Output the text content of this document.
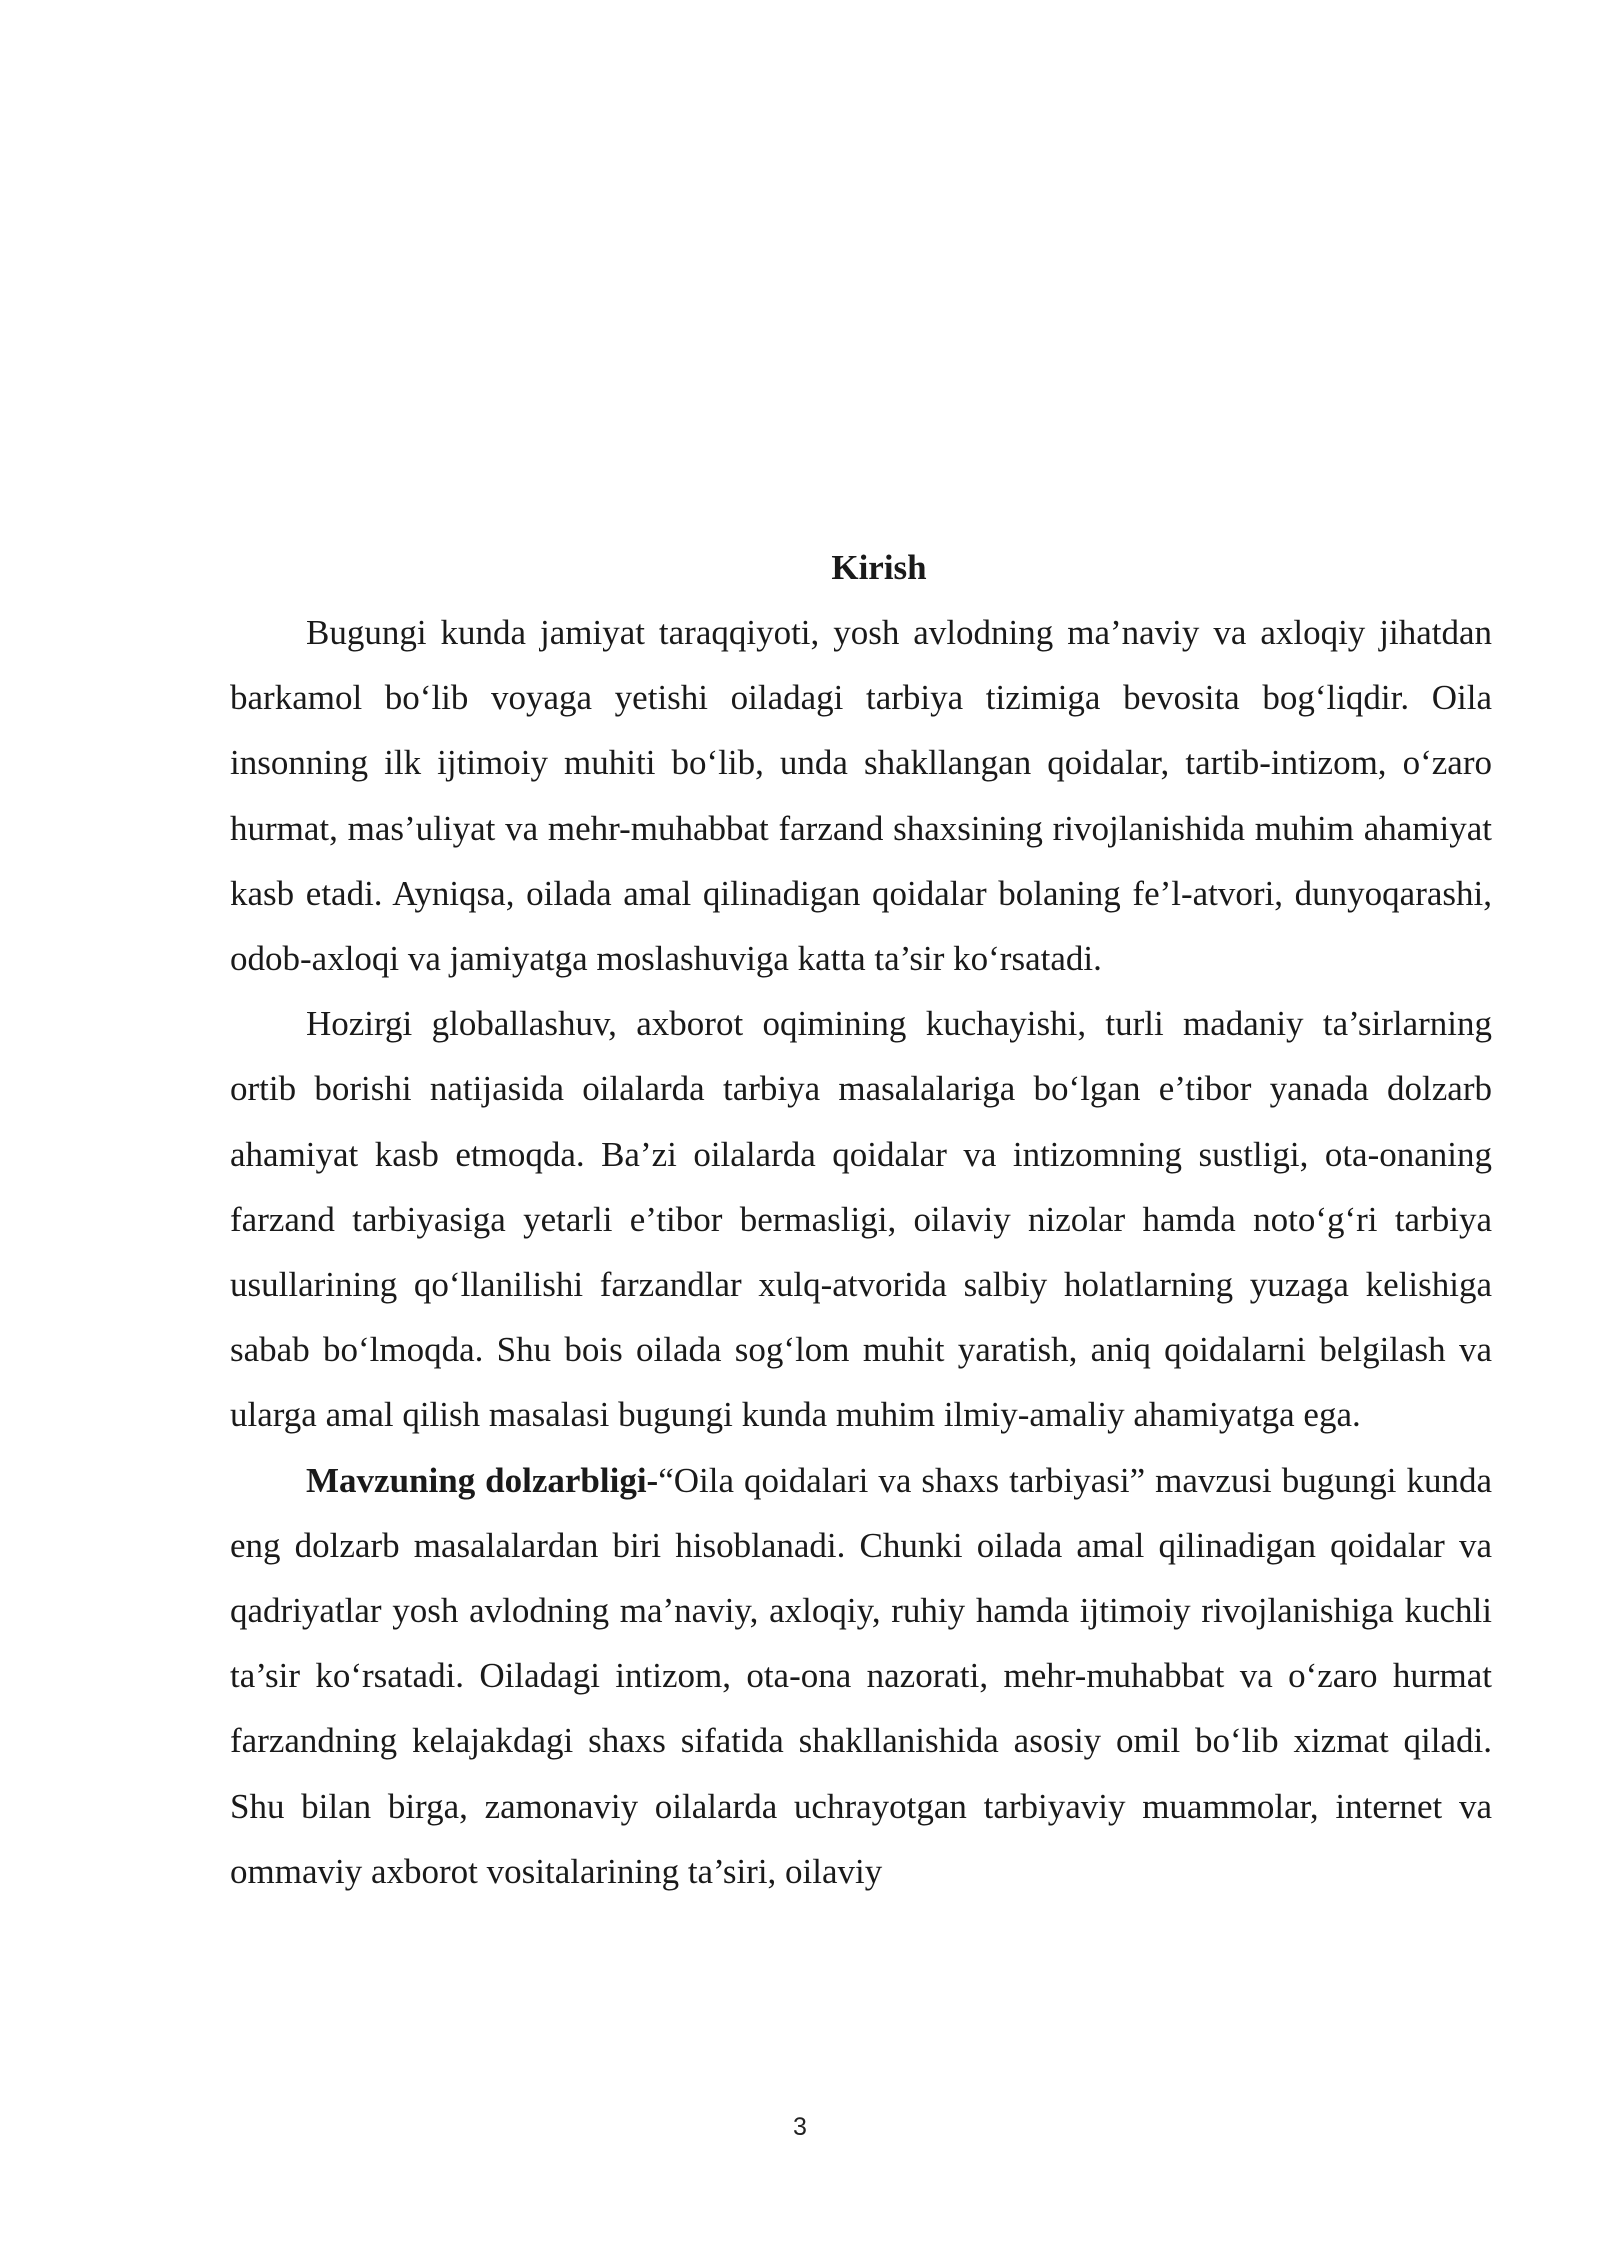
Kirish

Bugungi kunda jamiyat taraqqiyoti, yosh avlodning ma’naviy va axloqiy jihatdan barkamol bo‘lib voyaga yetishi oiladagi tarbiya tizimiga bevosita bog‘liqdir. Oila insonning ilk ijtimoiy muhiti bo‘lib, unda shakllangan qoidalar, tartib-intizom, o‘zaro hurmat, mas’uliyat va mehr-muhabbat farzand shaxsining rivojlanishida muhim ahamiyat kasb etadi. Ayniqsa, oilada amal qilinadigan qoidalar bolaning fe’l-atvori, dunyoqarashi, odob-axloqi va jamiyatga moslashuviga katta ta’sir ko‘rsatadi.

Hozirgi globallashuv, axborot oqimining kuchayishi, turli madaniy ta’sirlarning ortib borishi natijasida oilalarda tarbiya masalalariga bo‘lgan e’tibor yanada dolzarb ahamiyat kasb etmoqda. Ba’zi oilalarda qoidalar va intizomning sustligi, ota-onaning farzand tarbiyasiga yetarli e’tibor bermasligi, oilaviy nizolar hamda noto‘g‘ri tarbiya usullarining qo‘llanilishi farzandlar xulq-atvorida salbiy holatlarning yuzaga kelishiga sabab bo‘lmoqda. Shu bois oilada sog‘lom muhit yaratish, aniq qoidalarni belgilash va ularga amal qilish masalasi bugungi kunda muhim ilmiy-amaliy ahamiyatga ega.

Mavzuning dolzarbligi-“Oila qoidalari va shaxs tarbiyasi” mavzusi bugungi kunda eng dolzarb masalalardan biri hisoblanadi. Chunki oilada amal qilinadigan qoidalar va qadriyatlar yosh avlodning ma’naviy, axloqiy, ruhiy hamda ijtimoiy rivojlanishiga kuchli ta’sir ko‘rsatadi. Oiladagi intizom, ota-ona nazorati, mehr-muhabbat va o‘zaro hurmat farzandning kelajakdagi shaxs sifatida shakllanishida asosiy omil bo‘lib xizmat qiladi. Shu bilan birga, zamonaviy oilalarda uchrayotgan tarbiyaviy muammolar, internet va ommaviy axborot vositalarining ta’siri, oilaviy

3
